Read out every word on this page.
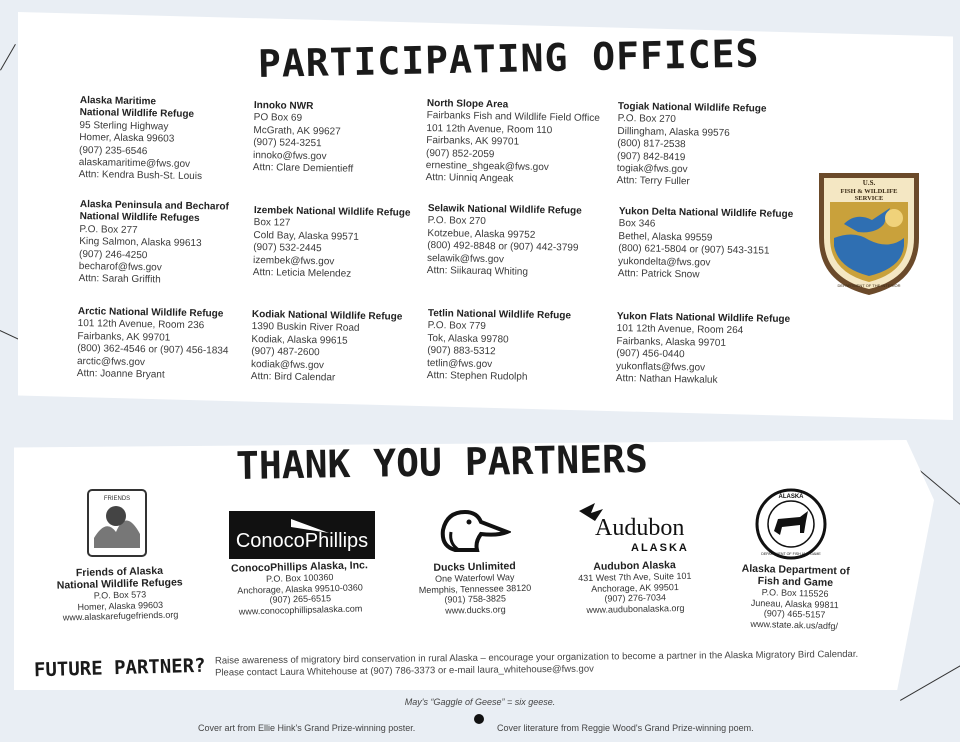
PARTICIPATING OFFICES
Alaska Maritime
National Wildlife Refuge
95 Sterling Highway
Homer, Alaska 99603
(907) 235-6546
alaskamaritime@fws.gov
Attn: Kendra Bush-St. Louis
Innoko NWR
PO Box 69
McGrath, AK 99627
(907) 524-3251
innoko@fws.gov
Attn: Clare Demientieff
North Slope Area
Fairbanks Fish and Wildlife Field Office
101 12th Avenue, Room 110
Fairbanks, AK 99701
(907) 852-2059
ernestine_shgeak@fws.gov
Attn: Uinniq Angeak
Togiak National Wildlife Refuge
P.O. Box 270
Dillingham, Alaska 99576
(800) 817-2538
(907) 842-8419
togiak@fws.gov
Attn: Terry Fuller
Alaska Peninsula and Becharof
National Wildlife Refuges
P.O. Box 277
King Salmon, Alaska 99613
(907) 246-4250
becharof@fws.gov
Attn: Sarah Griffith
Izembek National Wildlife Refuge
Box 127
Cold Bay, Alaska 99571
(907) 532-2445
izembek@fws.gov
Attn: Leticia Melendez
Selawik National Wildlife Refuge
P.O. Box 270
Kotzebue, Alaska 99752
(800) 492-8848 or (907) 442-3799
selawik@fws.gov
Attn: Siikauraq Whiting
Yukon Delta National Wildlife Refuge
Box 346
Bethel, Alaska 99559
(800) 621-5804 or (907) 543-3151
yukondelta@fws.gov
Attn: Patrick Snow
Arctic National Wildlife Refuge
101 12th Avenue, Room 236
Fairbanks, AK 99701
(800) 362-4546 or (907) 456-1834
arctic@fws.gov
Attn: Joanne Bryant
Kodiak National Wildlife Refuge
1390 Buskin River Road
Kodiak, Alaska 99615
(907) 487-2600
kodiak@fws.gov
Attn: Bird Calendar
Tetlin National Wildlife Refuge
P.O. Box 779
Tok, Alaska 99780
(907) 883-5312
tetlin@fws.gov
Attn: Stephen Rudolph
Yukon Flats National Wildlife Refuge
101 12th Avenue, Room 264
Fairbanks, Alaska 99701
(907) 456-0440
yukonflats@fws.gov
Attn: Nathan Hawkaluk
U.S.
FISH & WILDLIFE
SERVICE
DEPARTMENT OF THE INTERIOR
THANK YOU PARTNERS
FRIENDS
ConocoPhillips	Audubon
ALASKA
ALASKA
DEPARTMENT OF FISH AND GAME
Friends of Alaska
National Wildlife Refuges
P.O. Box 573
Homer, Alaska 99603
www.alaskarefugefriends.org
ConocoPhillips Alaska, Inc.
P.O. Box 100360
Anchorage, Alaska 99510-0360
(907) 265-6515
www.conocophillipsalaska.com
Ducks Unlimited
One Waterfowl Way
Memphis, Tennessee 38120
(901) 758-3825
www.ducks.org
Audubon Alaska
431 West 7th Ave, Suite 101
Anchorage, AK 99501
(907) 276-7034
www.audubonalaska.org
Alaska Department of
Fish and Game
P.O. Box 115526
Juneau, Alaska 99811
(907) 465-5157
www.state.ak.us/adfg/
FUTURE PARTNER? Raise awareness of migratory bird conservation in rural Alaska – encourage your organization to become a partner in the Alaska Migratory Bird Calendar.
Please contact Laura Whitehouse at (907) 786-3373 or e-mail laura_whitehouse@fws.gov
May's “Gaggle of Geese” = six geese.
Cover art from Ellie Hink's Grand Prize-winning poster.	Cover literature from Reggie Wood's Grand Prize-winning poem.
